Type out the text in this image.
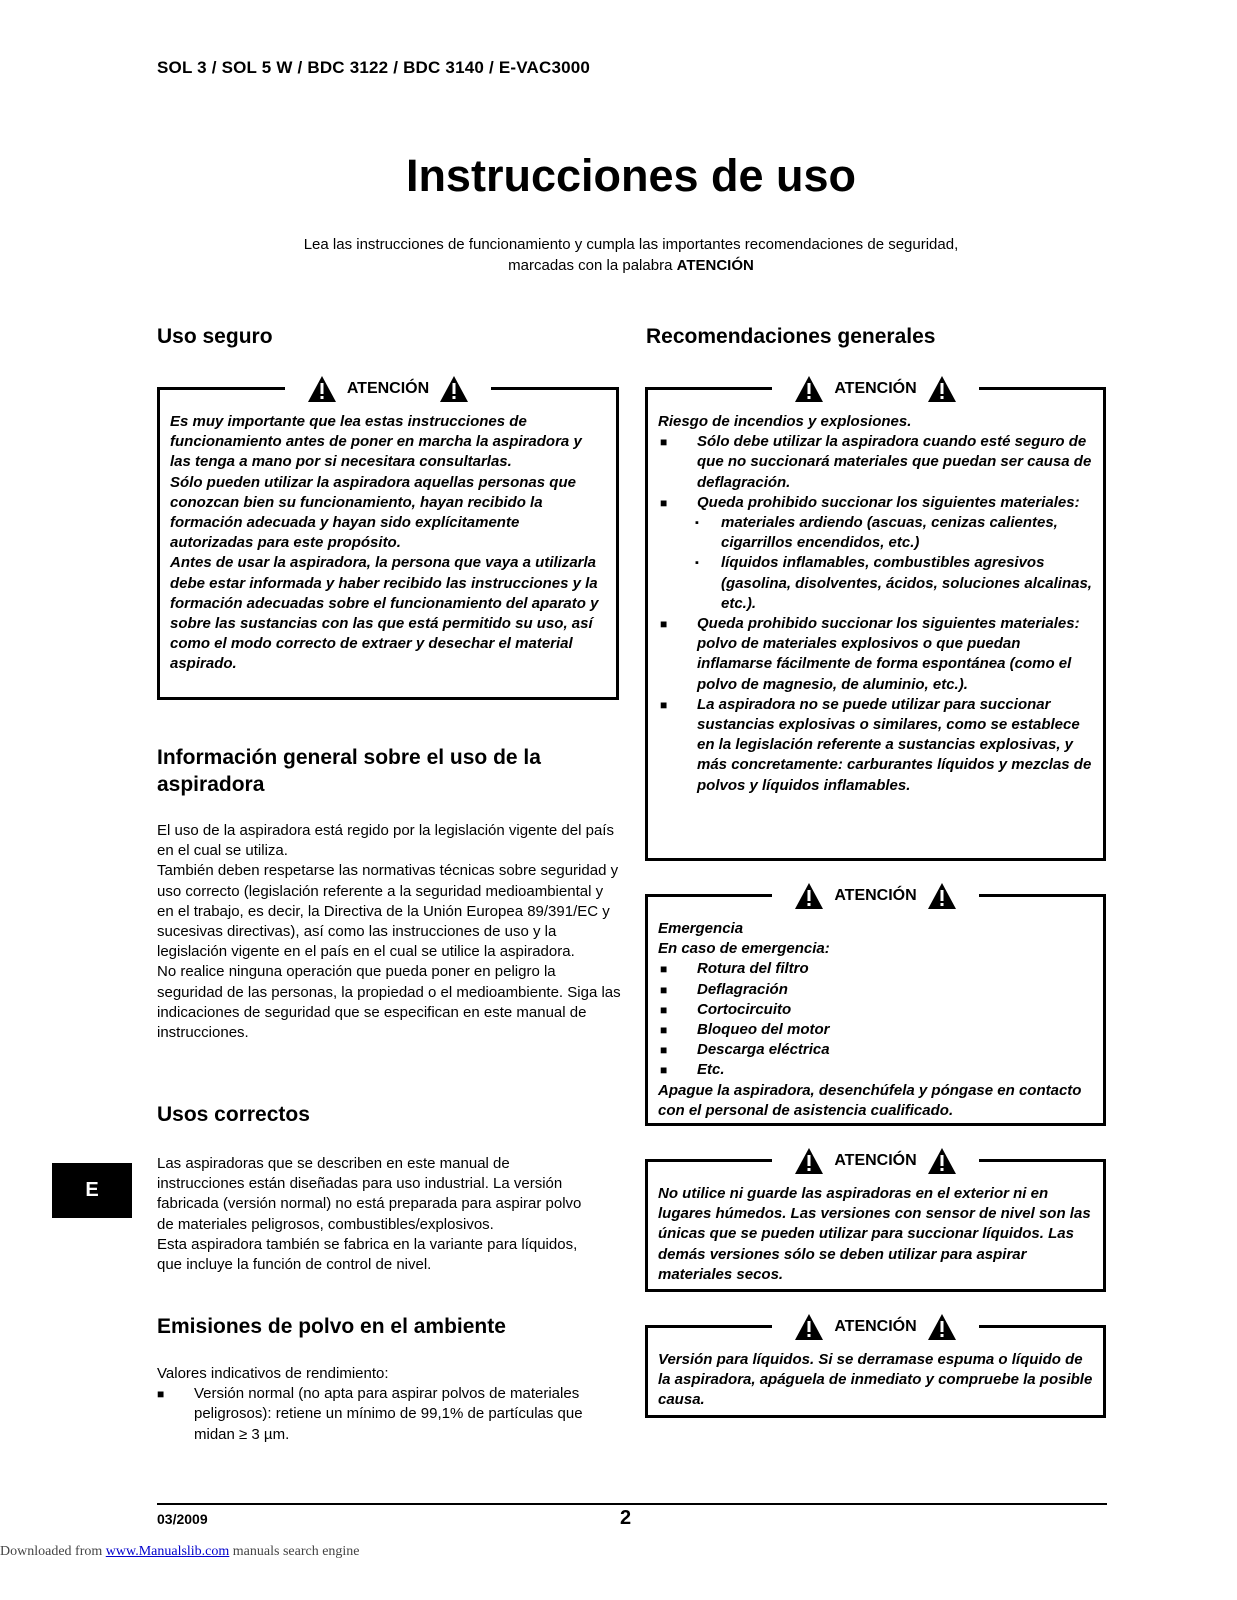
SOL 3 / SOL 5 W / BDC 3122 / BDC 3140 / E-VAC3000
Instrucciones de uso
Lea las instrucciones de funcionamiento y cumpla las importantes recomendaciones de seguridad,
marcadas con la palabra ATENCIÓN
Uso seguro
ATENCIÓN

Es muy importante que lea estas instrucciones de funcionamiento antes de poner en marcha la aspiradora y las tenga a mano por si necesitara consultarlas.

Sólo pueden utilizar la aspiradora aquellas personas que conozcan bien su funcionamiento, hayan recibido la formación adecuada y hayan sido explícitamente autorizadas para este propósito.

Antes de usar la aspiradora, la persona que vaya a utilizarla debe estar informada y haber recibido las instrucciones y la formación adecuadas sobre el funcionamiento del aparato y sobre las sustancias con las que está permitido su uso, así como el modo correcto de extraer y desechar el material aspirado.

Información general sobre el uso de la aspiradora

El uso de la aspiradora está regido por la legislación vigente del país en el cual se utiliza.

También deben respetarse las normativas técnicas sobre seguridad y uso correcto (legislación referente a la seguridad medioambiental y en el trabajo, es decir, la Directiva de la Unión Europea 89/391/EC y sucesivas directivas), así como las instrucciones de uso y la legislación vigente en el país en el cual se utilice la aspiradora.

No realice ninguna operación que pueda poner en peligro la seguridad de las personas, la propiedad o el medioambiente. Siga las indicaciones de seguridad que se especifican en este manual de instrucciones.

Usos correctos

Las aspiradoras que se describen en este manual de instrucciones están diseñadas para uso industrial. La versión fabricada (versión normal) no está preparada para aspirar polvo de materiales peligrosos, combustibles/explosivos.

Esta aspiradora también se fabrica en la variante para líquidos, que incluye la función de control de nivel.

Emisiones de polvo en el ambiente

Valores indicativos de rendimiento:

■	Versión normal (no apta para aspirar polvos de materiales peligrosos): retiene un mínimo de 99,1% de partículas que midan ≥ 3 µm.
E
Recomendaciones generales
ATENCIÓN

Riesgo de incendios y explosiones.

■	Sólo debe utilizar la aspiradora cuando esté seguro de que no succionará materiales que puedan ser causa de deflagración.
■	Queda prohibido succionar los siguientes materiales:
▪	materiales ardiendo (ascuas, cenizas calientes, cigarrillos encendidos, etc.)
▪	líquidos inflamables, combustibles agresivos (gasolina, disolventes, ácidos, soluciones alcalinas, etc.).
■	Queda prohibido succionar los siguientes materiales: polvo de materiales explosivos o que puedan inflamarse fácilmente de forma espontánea (como el polvo de magnesio, de aluminio, etc.).
■	La aspiradora no se puede utilizar para succionar sustancias explosivas o similares, como se establece en la legislación referente a sustancias explosivas, y más concretamente: carburantes líquidos y mezclas de polvos y líquidos inflamables.
ATENCIÓN

Emergencia

En caso de emergencia:

■	Rotura del filtro
■	Deflagración
■	Cortocircuito
■	Bloqueo del motor
■	Descarga eléctrica
■	Etc.

Apague la aspiradora, desenchúfela y póngase en contacto con el personal de asistencia cualificado.

ATENCIÓN

No utilice ni guarde las aspiradoras en el exterior ni en lugares húmedos. Las versiones con sensor de nivel son las únicas que se pueden utilizar para succionar líquidos. Las demás versiones sólo se deben utilizar para aspirar materiales secos.

ATENCIÓN

Versión para líquidos. Si se derramase espuma o líquido de la aspiradora, apáguela de inmediato y compruebe la posible causa.

03/2009	2
Downloaded from www.Manualslib.com manuals search engine
